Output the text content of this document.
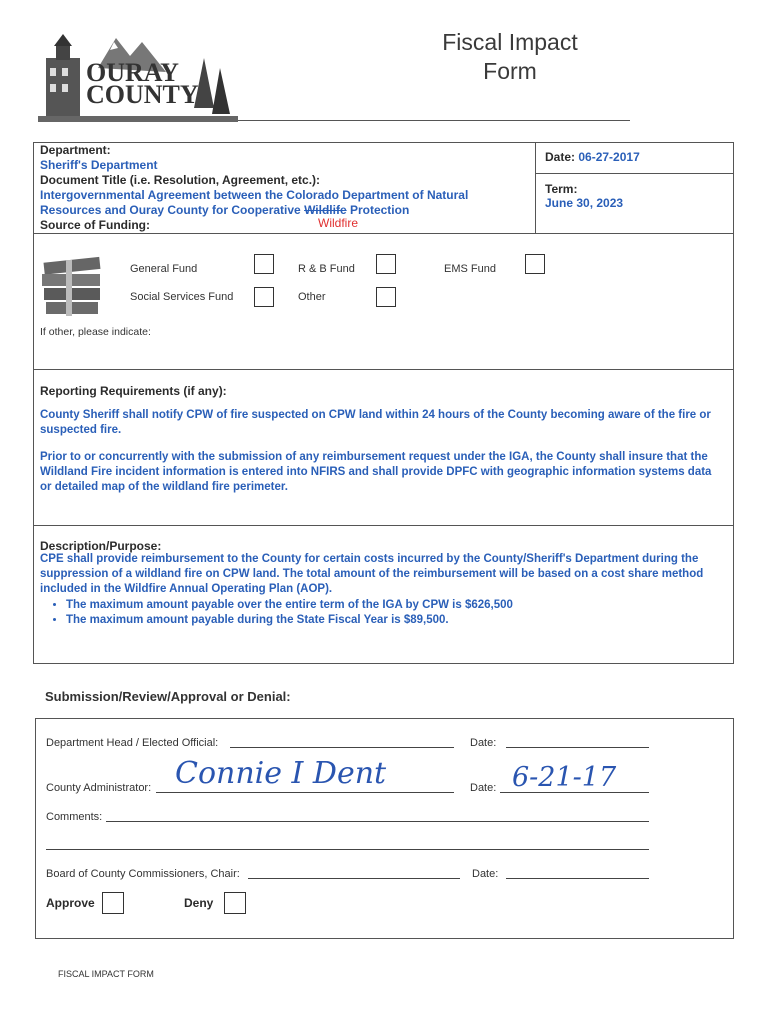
OURAY
COUNTY
Fiscal Impact
Form
Department:
Sheriff's Department
Document Title (i.e. Resolution, Agreement, etc.):
Intergovernmental Agreement between the Colorado Department of Natural
Resources and Ouray County for Cooperative Wildlife Protection
Wildfire
Source of Funding:
Date: 06-27-2017
Term:
June 30, 2023
General Fund	R & B Fund	EMS Fund
Social Services Fund	Other
If other, please indicate:
Reporting Requirements (if any):
County Sheriff shall notify CPW of fire suspected on CPW land within 24 hours of the County becoming aware of the fire or suspected fire.
Prior to or concurrently with the submission of any reimbursement request under the IGA, the County shall insure that the Wildland Fire incident information is entered into NFIRS and shall provide DPFC with geographic information systems data or detailed map of the wildland fire perimeter.
Description/Purpose:
CPE shall provide reimbursement to the County for certain costs incurred by the County/Sheriff's Department during the suppression of a wildland fire on CPW land. The total amount of the reimbursement will be based on a cost share method included in the Wildfire Annual Operating Plan (AOP).
• The maximum amount payable over the entire term of the IGA by CPW is $626,500
• The maximum amount payable during the State Fiscal Year is $89,500.
Submission/Review/Approval or Denial:
Department Head / Elected Official:	Date:
County Administrator: Connie I Dent	Date: 6-21-17
Comments:
Board of County Commissioners, Chair:	Date:
Approve	Deny
FISCAL IMPACT FORM
